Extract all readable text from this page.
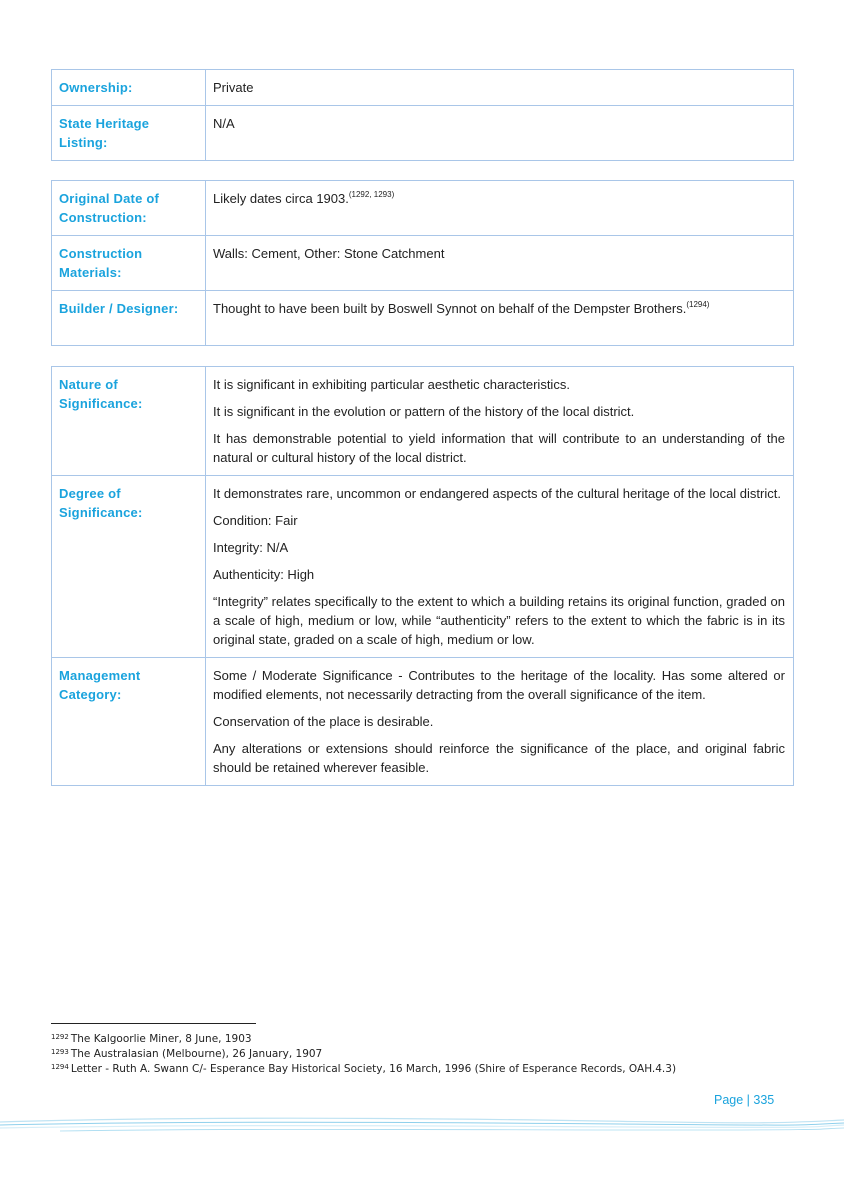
Ownership:	Private
State Heritage Listing:	N/A
Original Date of Construction:	Likely dates circa 1903.$^{(1292, 1293)}$
Construction Materials:	Walls: Cement, Other: Stone Catchment
Builder / Designer:	Thought to have been built by Boswell Synnot on behalf of the Dempster Brothers.$^{(1294)}$
Nature of Significance:	It is significant in exhibiting particular aesthetic characteristics.

It is significant in the evolution or pattern of the history of the local district.

It has demonstrable potential to yield information that will contribute to an understanding of the natural or cultural history of the local district.

Degree of Significance:	It demonstrates rare, uncommon or endangered aspects of the cultural heritage of the local district.

Condition: Fair

Integrity: N/A

Authenticity: High

“Integrity” relates specifically to the extent to which a building retains its original function, graded on a scale of high, medium or low, while “authenticity” refers to the extent to which the fabric is in its original state, graded on a scale of high, medium or low.

Management Category:	Some / Moderate Significance - Contributes to the heritage of the locality. Has some altered or modified elements, not necessarily detracting from the overall significance of the item.

Conservation of the place is desirable.

Any alterations or extensions should reinforce the significance of the place, and original fabric should be retained wherever feasible.

$^{1292}$ The Kalgoorlie Miner, 8 June, 1903
$^{1293}$ The Australasian (Melbourne), 26 January, 1907
$^{1294}$ Letter - Ruth A. Swann C/- Esperance Bay Historical Society, 16 March, 1996 (Shire of Esperance Records, OAH.4.3)
Page | 335
